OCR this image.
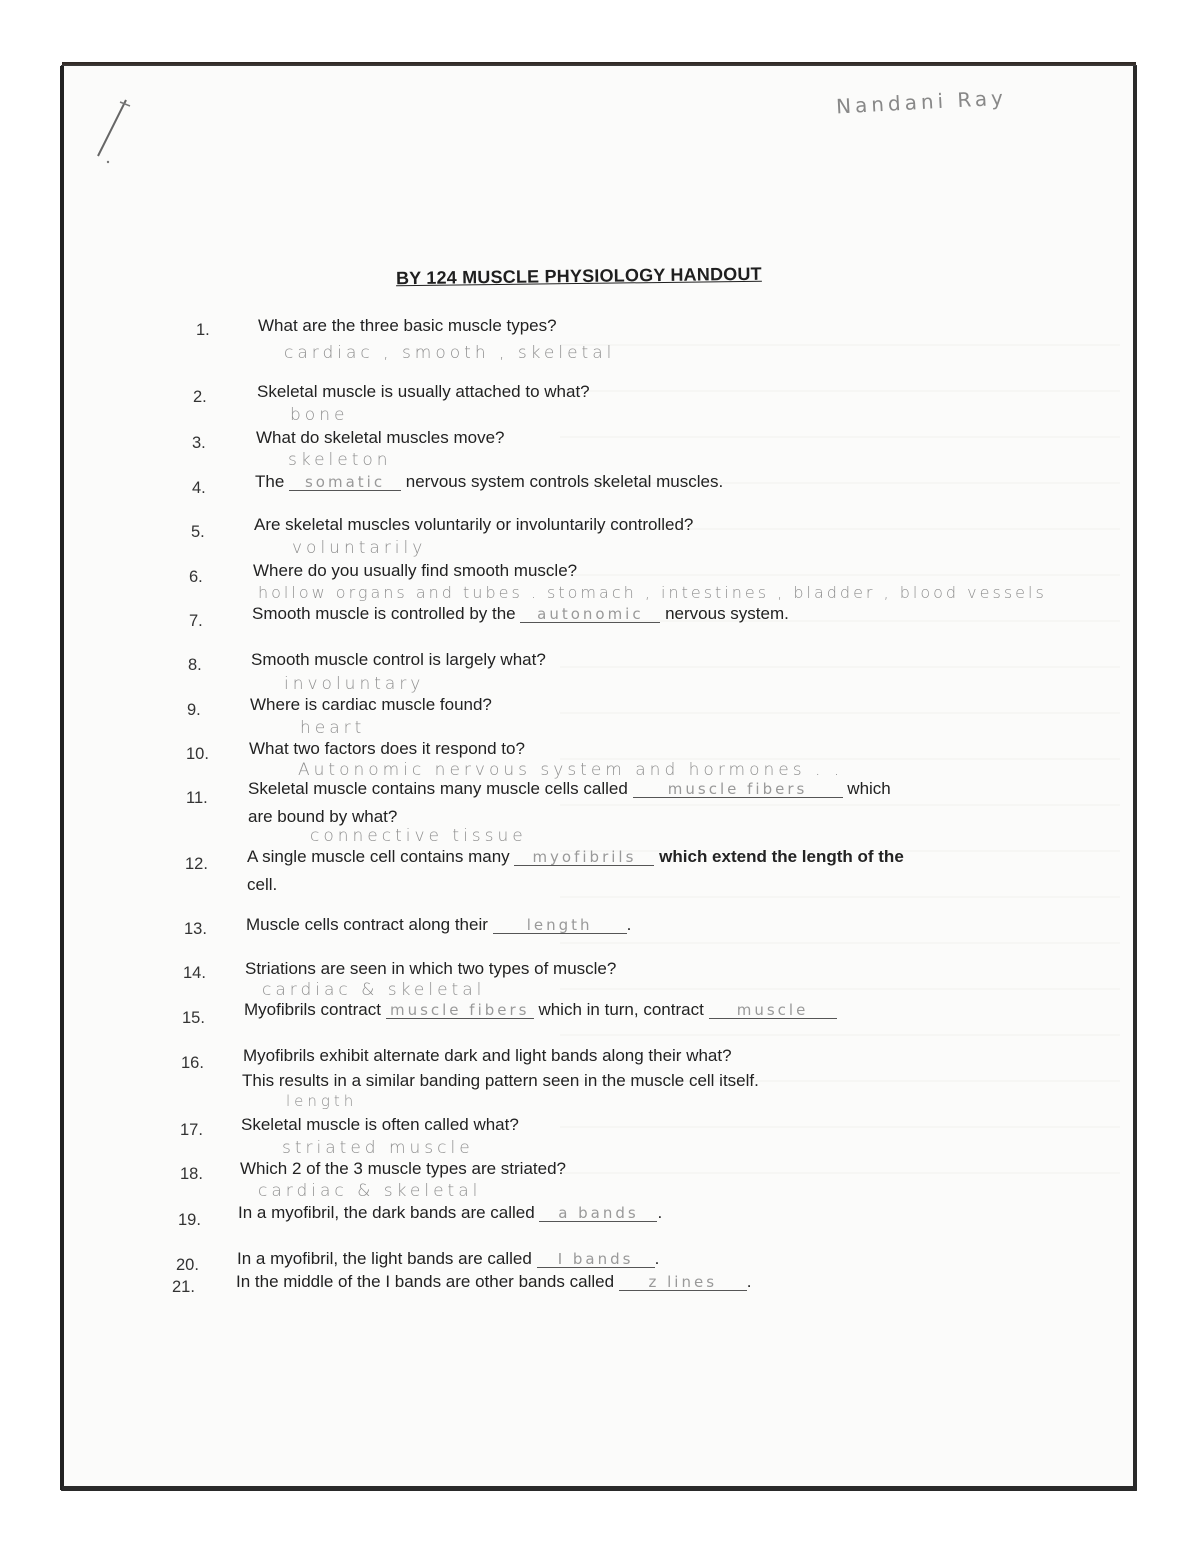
Nandani Ray
BY 124 MUSCLE PHYSIOLOGY HANDOUT
1.	What are the three basic muscle types?
cardiac , smooth , skeletal
2.	Skeletal muscle is usually attached to what?
bone
3.	What do skeletal muscles move?
skeleton
4.	The somatic nervous system controls skeletal muscles.
5.	Are skeletal muscles voluntarily or involuntarily controlled?
voluntarily
6.	Where do you usually find smooth muscle?
hollow organs and tubes . stomach , intestines , bladder , blood vessels
7.	Smooth muscle is controlled by the autonomic nervous system.
8.	Smooth muscle control is largely what?
involuntary
9.	Where is cardiac muscle found?
heart
10. What two factors does it respond to?
Autonomic nervous system and hormones . .
11. Skeletal muscle contains many muscle cells called	muscle fibers which
are bound by what?
connective tissue
12. A single muscle cell contains many myofibrils which extend the length of the
cell.
13. Muscle cells contract along their	length .
14. Striations are seen in which two types of muscle?
cardiac & skeletal
15. Myofibrils contract muscle fibers which in turn, contract muscle
16. Myofibrils exhibit alternate dark and light bands along their what?
This results in a similar banding pattern seen in the muscle cell itself.
length
17. Skeletal muscle is often called what?
striated muscle
18. Which 2 of the 3 muscle types are striated?
cardiac & skeletal
19. In a myofibril, the dark bands are called a bands .
20. In a myofibril, the light bands are called I bands .
21. In the middle of the I bands are other bands called z lines .
